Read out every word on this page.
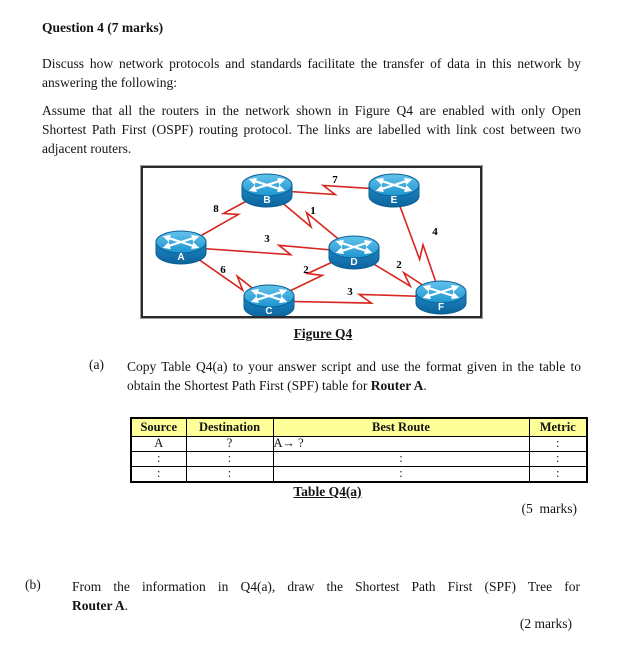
Question 4 (7 marks)
Discuss how network protocols and standards facilitate the transfer of data in this network by
answering the following:
Assume that all the routers in the network shown in Figure Q4 are enabled with only Open
Shortest Path First (OSPF) routing protocol. The links are labelled with link cost between two
adjacent routers.
8
7
1
3
6	2
3
2
4
A
B
C
D
E
F
Figure Q4
(a) Copy Table Q4(a) to your answer script and use the format given in the table to
obtain the Shortest Path First (SPF) table for Router A.
Source	Destination	Best Route	Metric
A	?	A→ ?	:
:	:	:	:
:	:	:	:
Table Q4(a)
(5  marks)
(b) From the information in Q4(a), draw the Shortest Path First (SPF) Tree for
Router A.
(2 marks)
